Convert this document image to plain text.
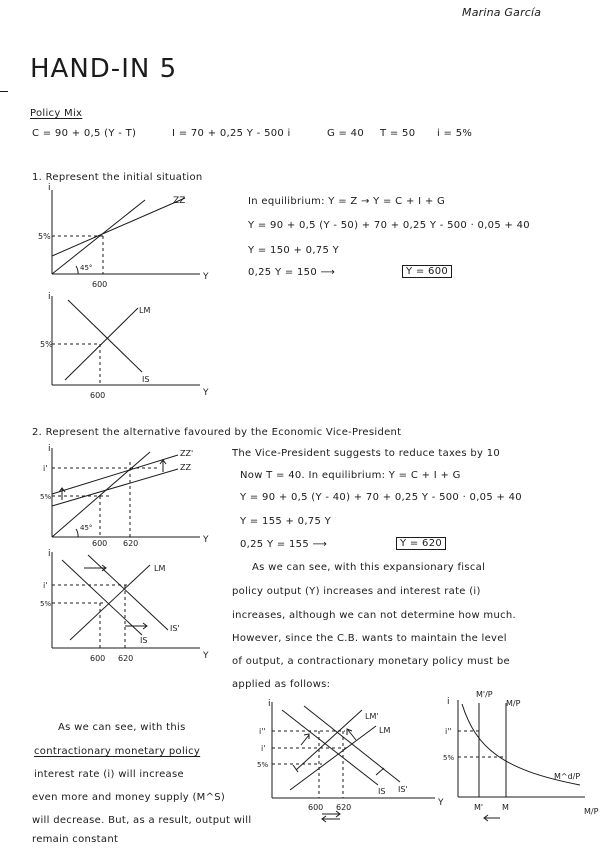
Marina García
HAND-IN 5
Policy Mix
C = 90 + 0,5 (Y - T)	I = 70 + 0,25 Y - 500 i	G = 40 T = 50 i = 5%
1. Represent the initial situation
i
Y
ZZ
5%
600
45°
i
Y
LM
IS
5%
600
i
Y
ZZ'
ZZ
i'
5%
600 620
45°
i
Y
LM
IS
IS'
i'
5%
600 620
i
Y
LM'
LM
IS'
IS
i''
i'
5%
600 620
i
M/P
M'/P
M/P
M^d/P
i''
5%
M' M
In equilibrium: Y = Z → Y = C + I + G
Y = 90 + 0,5 (Y - 50) + 70 + 0,25 Y - 500 · 0,05 + 40
Y = 150 + 0,75 Y
0,25 Y = 150 ⟶	Y = 600
2. Represent the alternative favoured by the Economic Vice-President
The Vice-President suggests to reduce taxes by 10
Now T = 40. In equilibrium: Y = C + I + G
Y = 90 + 0,5 (Y - 40) + 70 + 0,25 Y - 500 · 0,05 + 40
Y = 155 + 0,75 Y
0,25 Y = 155 ⟶	Y = 620
As we can see, with this expansionary fiscal
policy output (Y) increases and interest rate (i)
increases, although we can not determine how much.
However, since the C.B. wants to maintain the level
of output, a contractionary monetary policy must be
applied as follows:
As we can see, with this
contractionary monetary policy
interest rate (i) will increase
even more and money supply (M^S)
will decrease. But, as a result, output will
remain constant
